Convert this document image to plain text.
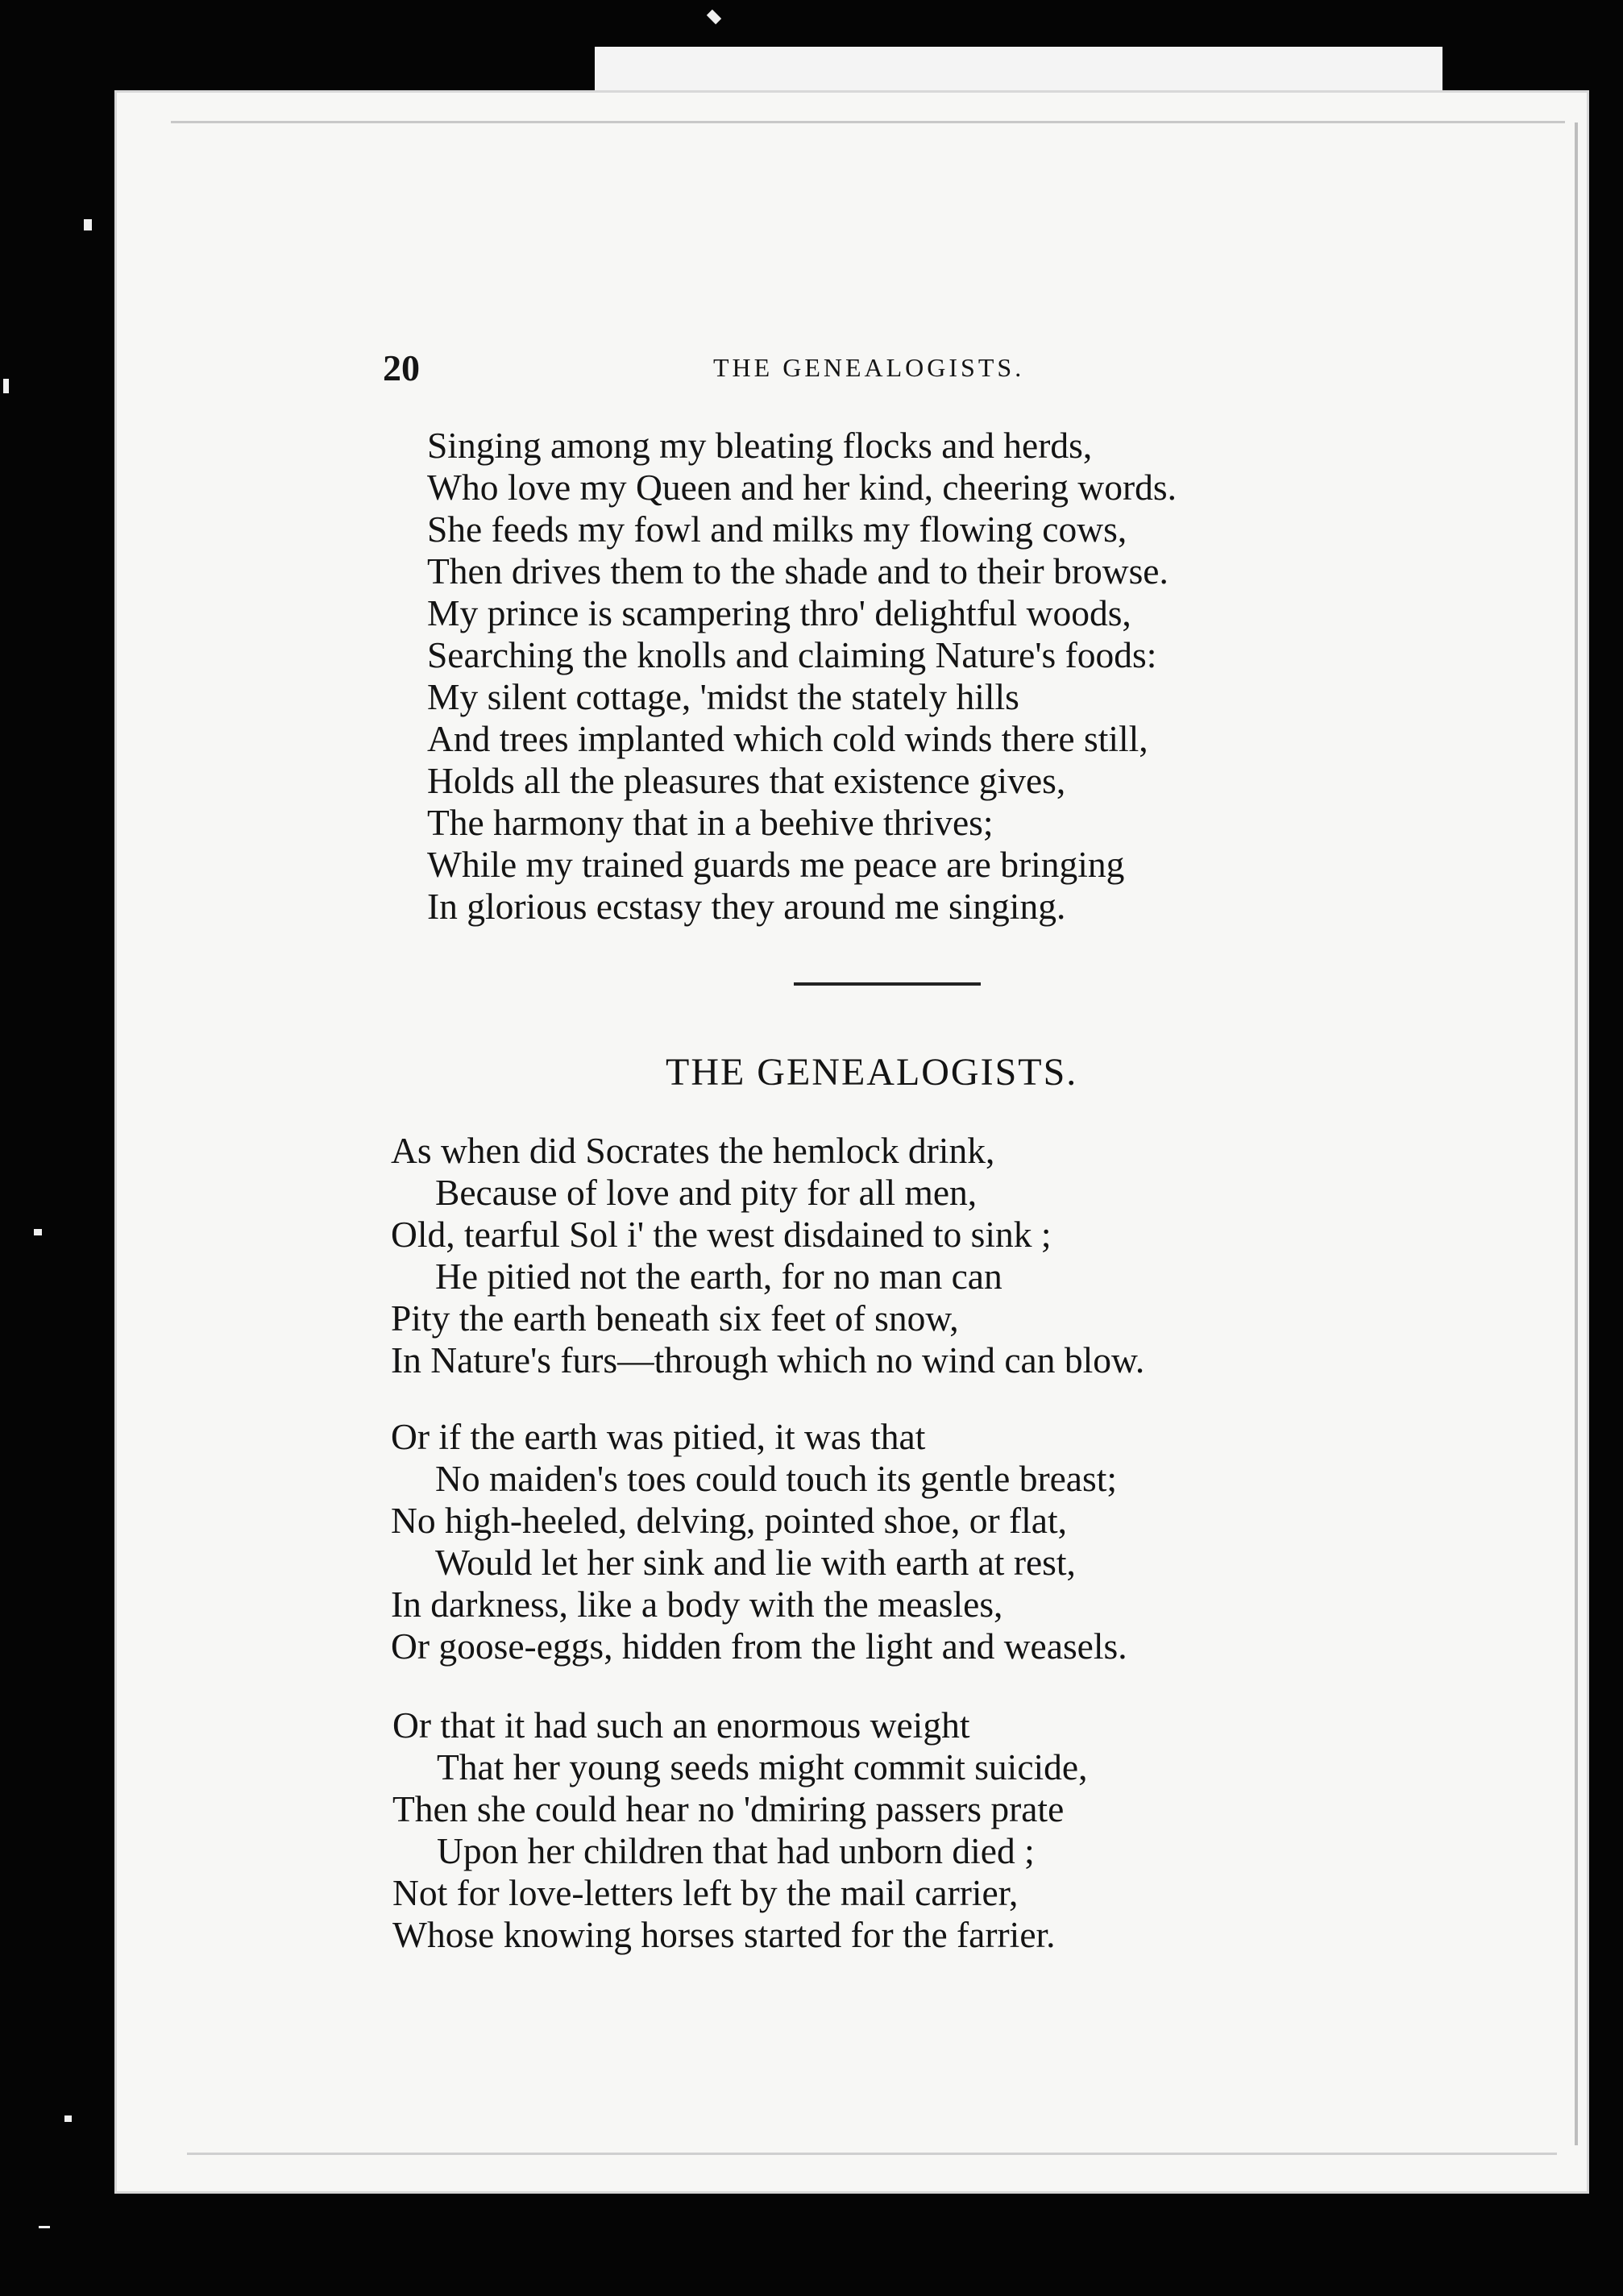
20	THE GENEALOGISTS.
Singing among my bleating flocks and herds,
Who love my Queen and her kind, cheering words.
She feeds my fowl and milks my flowing cows,
Then drives them to the shade and to their browse.
My prince is scampering thro' delightful woods,
Searching the knolls and claiming Nature's foods:
My silent cottage, 'midst the stately hills
And trees implanted which cold winds there still,
Holds all the pleasures that existence gives,
The harmony that in a beehive thrives;
While my trained guards me peace are bringing
In glorious ecstasy they around me singing.
THE GENEALOGISTS.
As when did Socrates the hemlock drink,
Because of love and pity for all men,
Old, tearful Sol i' the west disdained to sink ;
He pitied not the earth, for no man can
Pity the earth beneath six feet of snow,
In Nature's furs—through which no wind can blow.
Or if the earth was pitied, it was that
No maiden's toes could touch its gentle breast;
No high-heeled, delving, pointed shoe, or flat,
Would let her sink and lie with earth at rest,
In darkness, like a body with the measles,
Or goose-eggs, hidden from the light and weasels.
Or that it had such an enormous weight
That her young seeds might commit suicide,
Then she could hear no 'dmiring passers prate
Upon her children that had unborn died ;
Not for love-letters left by the mail carrier,
Whose knowing horses started for the farrier.
